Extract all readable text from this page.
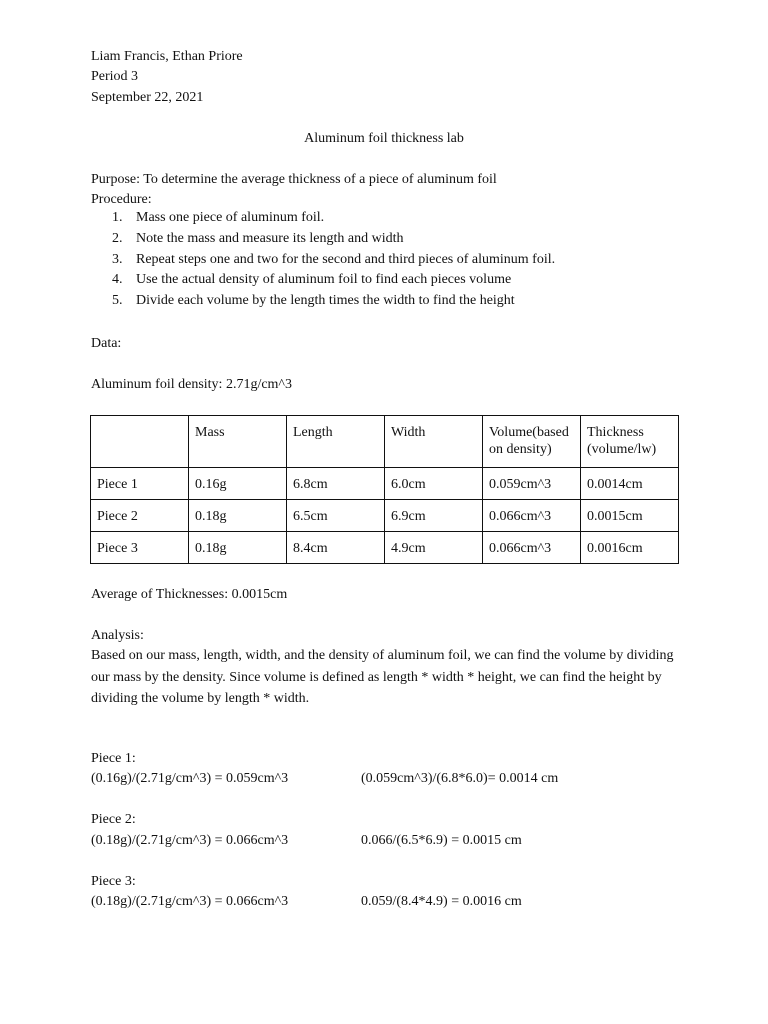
Liam Francis, Ethan Priore
Period 3
September 22, 2021
Aluminum foil thickness lab
Purpose: To determine the average thickness of a piece of aluminum foil
Procedure:
1. Mass one piece of aluminum foil.
2. Note the mass and measure its length and width
3. Repeat steps one and two for the second and third pieces of aluminum foil.
4. Use the actual density of aluminum foil to find each pieces volume
5. Divide each volume by the length times the width to find the height
Data:
Aluminum foil density: 2.71g/cm^3
	Mass	Length	Width	Volume(based on density)	Thickness (volume/lw)
Piece 1	0.16g	6.8cm	6.0cm	0.059cm^3	0.0014cm
Piece 2	0.18g	6.5cm	6.9cm	0.066cm^3	0.0015cm
Piece 3	0.18g	8.4cm	4.9cm	0.066cm^3	0.0016cm
Average of Thicknesses: 0.0015cm
Analysis:
Based on our mass, length, width, and the density of aluminum foil, we can find the volume by dividing our mass by the density. Since volume is defined as length * width * height, we can find the height by dividing the volume by length * width.
Piece 1:
(0.16g)/(2.71g/cm^3) = 0.059cm^3	(0.059cm^3)/(6.8*6.0)= 0.0014 cm
Piece 2:
(0.18g)/(2.71g/cm^3) = 0.066cm^3	0.066/(6.5*6.9) = 0.0015 cm
Piece 3:
(0.18g)/(2.71g/cm^3) = 0.066cm^3	0.059/(8.4*4.9) = 0.0016 cm
